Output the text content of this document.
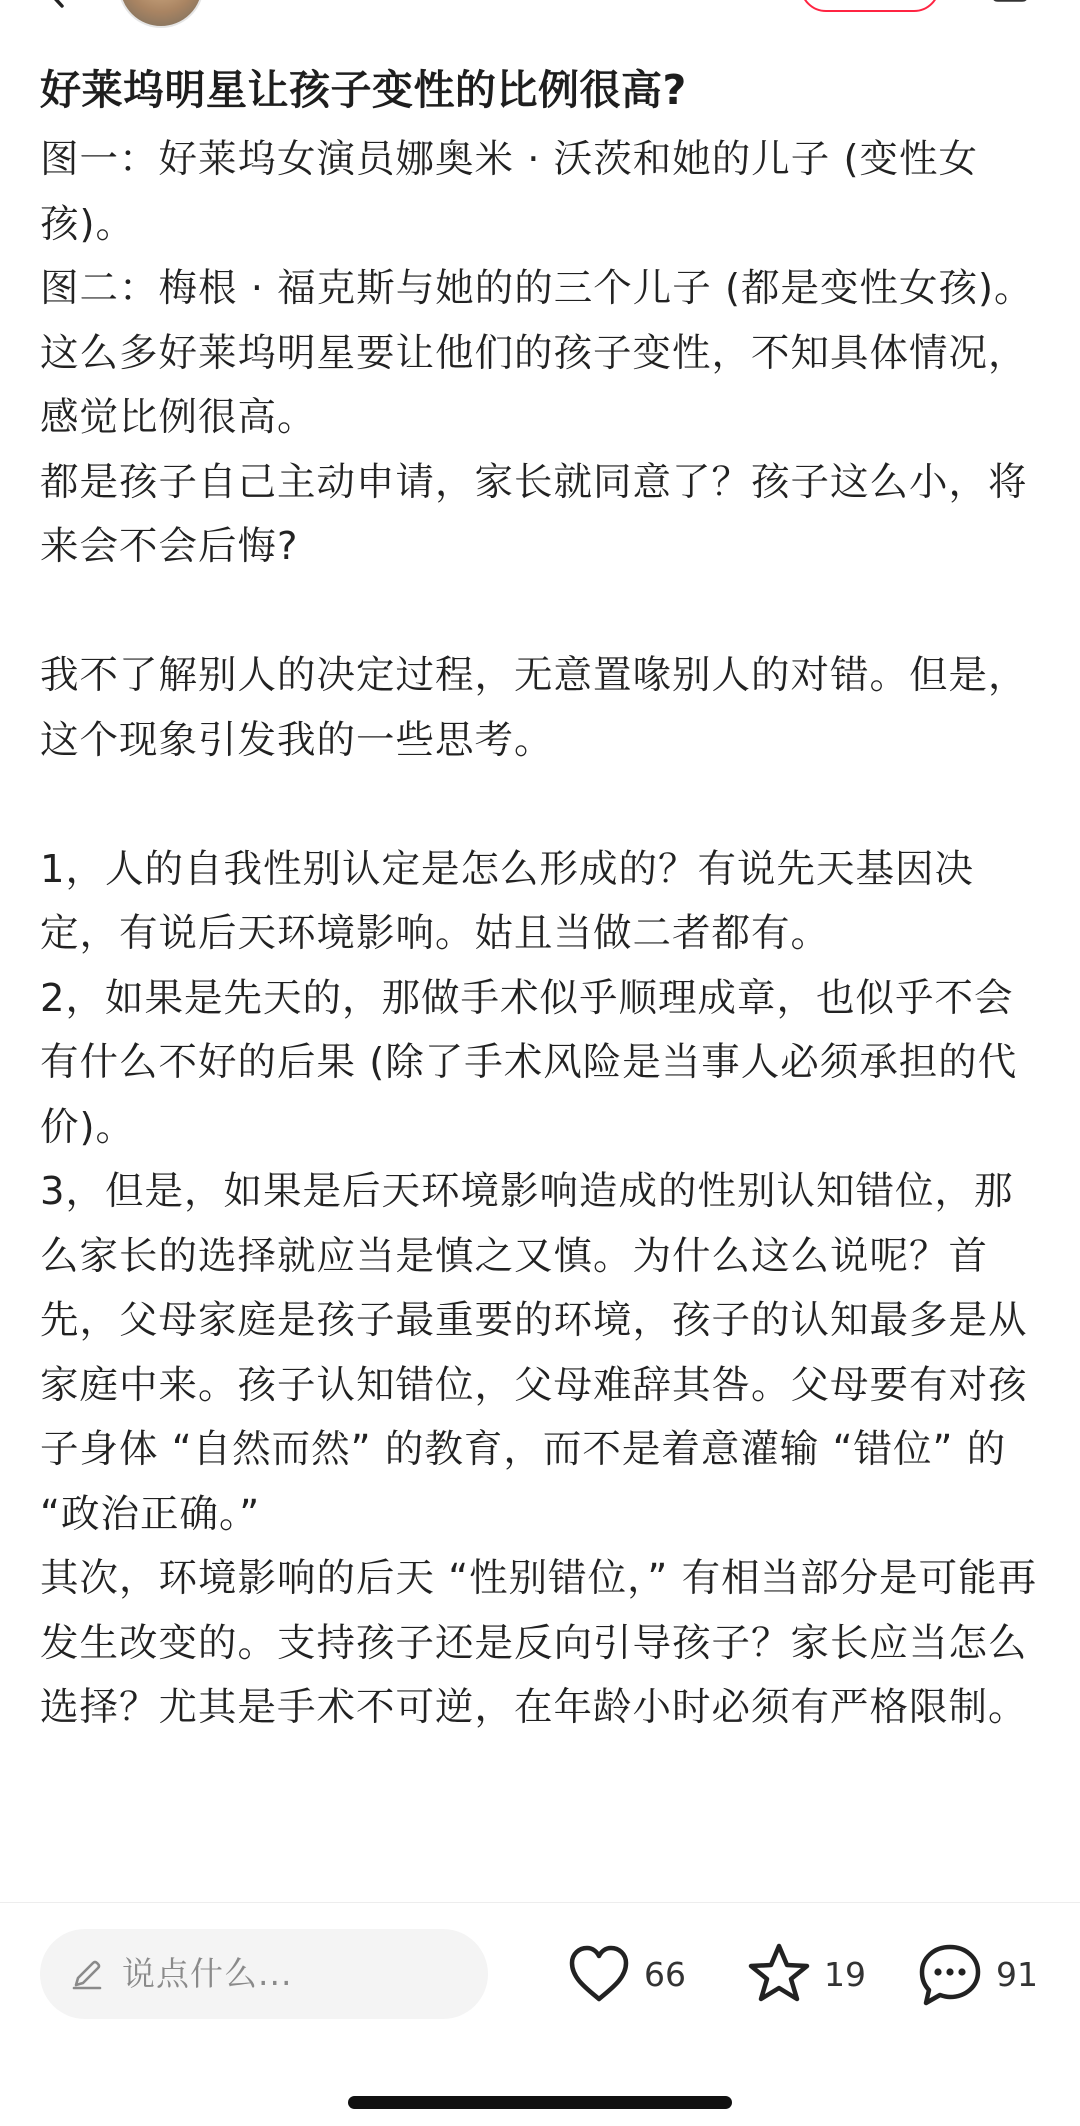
好莱坞明星让孩子变性的比例很高?

图一：好莱坞女演员娜奥米 · 沃茨和她的儿子 (变性女孩)。

图二：梅根 · 福克斯与她的的三个儿子 (都是变性女孩)。

这么多好莱坞明星要让他们的孩子变性，不知具体情况，感觉比例很高。

都是孩子自己主动申请，家长就同意了？孩子这么小，将来会不会后悔?

我不了解别人的决定过程，无意置喙别人的对错。但是，这个现象引发我的一些思考。

1，人的自我性别认定是怎么形成的？有说先天基因决定，有说后天环境影响。姑且当做二者都有。

2，如果是先天的，那做手术似乎顺理成章，也似乎不会有什么不好的后果 (除了手术风险是当事人必须承担的代价)。

3，但是，如果是后天环境影响造成的性别认知错位，那么家长的选择就应当是慎之又慎。为什么这么说呢？首先，父母家庭是孩子最重要的环境，孩子的认知最多是从家庭中来。孩子认知错位，父母难辞其咎。父母要有对孩子身体 “自然而然” 的教育，而不是着意灌输 “错位” 的 “政治正确。”

其次，环境影响的后天 “性别错位，” 有相当部分是可能再发生改变的。支持孩子还是反向引导孩子？家长应当怎么选择？尤其是手术不可逆，在年龄小时必须有严格限制。

说点什么...	66	19	91
